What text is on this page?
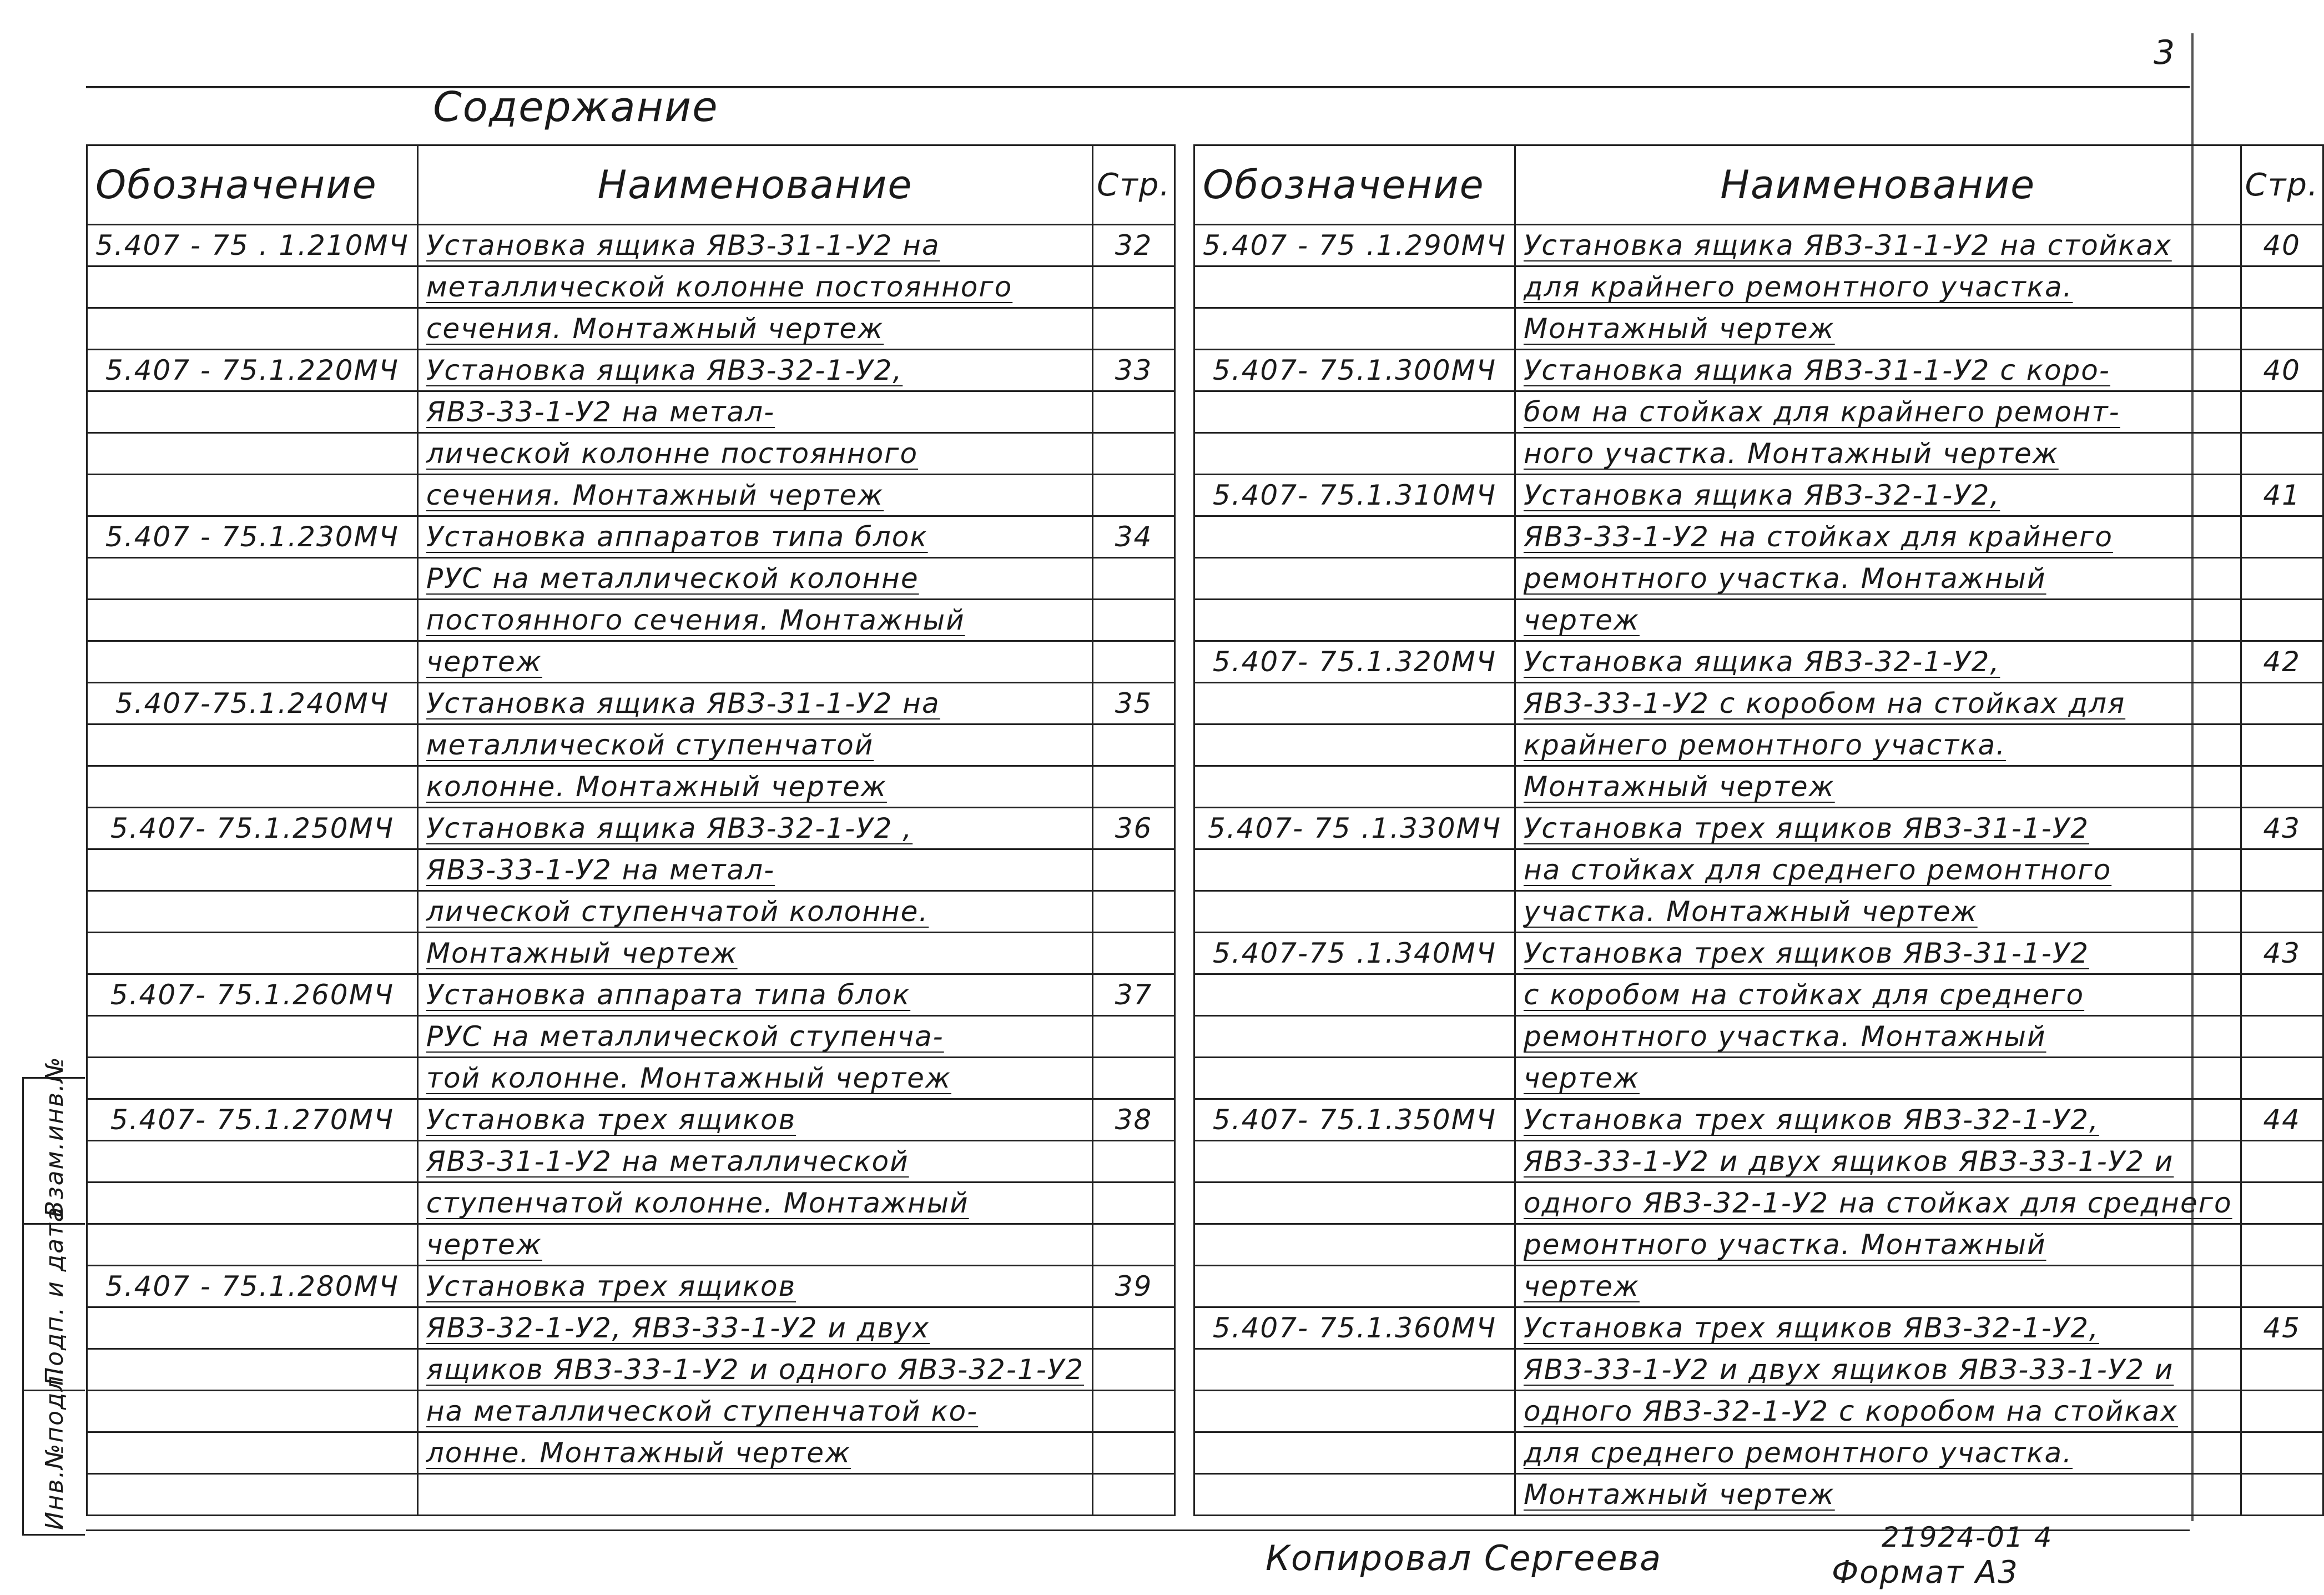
3
Содержание
Обозначение	Наименование	Стр.
5.407 - 75 . 1.210МЧ	Установка ящика ЯВЗ-31-1-У2 на	32
	металлической колонне постоянного	
	сечения. Монтажный чертеж	
5.407 - 75.1.220МЧ	Установка ящика ЯВЗ-32-1-У2,	33
	ЯВЗ-33-1-У2 на метал-	
	лической колонне постоянного	
	сечения. Монтажный чертеж	
5.407 - 75.1.230МЧ	Установка аппаратов типа блок	34
	РУС на металлической колонне	
	постоянного сечения. Монтажный	
	чертеж	
5.407-75.1.240МЧ	Установка ящика ЯВЗ-31-1-У2 на	35
	металлической ступенчатой	
	колонне. Монтажный чертеж	
5.407- 75.1.250МЧ	Установка ящика ЯВЗ-32-1-У2 ,	36
	ЯВЗ-33-1-У2 на метал-	
	лической ступенчатой колонне.	
	Монтажный чертеж	
5.407- 75.1.260МЧ	Установка аппарата типа блок	37
	РУС на металлической ступенча-	
	той колонне. Монтажный чертеж	
5.407- 75.1.270МЧ	Установка трех ящиков	38
	ЯВЗ-31-1-У2 на металлической	
	ступенчатой колонне. Монтажный	
	чертеж	
5.407 - 75.1.280МЧ	Установка трех ящиков	39
	ЯВЗ-32-1-У2, ЯВЗ-33-1-У2 и двух	
	ящиков ЯВЗ-33-1-У2 и одного ЯВЗ-32-1-У2	
	на металлической ступенчатой ко-	
	лонне. Монтажный чертеж	

Обозначение	Наименование	Стр.
5.407 - 75 .1.290МЧ	Установка ящика ЯВЗ-31-1-У2 на стойках	40
	для крайнего ремонтного участка.	
	Монтажный чертеж	
5.407- 75.1.300МЧ	Установка ящика ЯВЗ-31-1-У2 с коро-	40
	бом на стойках для крайнего ремонт-	
	ного участка. Монтажный чертеж	
5.407- 75.1.310МЧ	Установка ящика ЯВЗ-32-1-У2,	41
	ЯВЗ-33-1-У2 на стойках для крайнего	
	ремонтного участка. Монтажный	
	чертеж	
5.407- 75.1.320МЧ	Установка ящика ЯВЗ-32-1-У2,	42
	ЯВЗ-33-1-У2 с коробом на стойках для	
	крайнего ремонтного участка.	
	Монтажный чертеж	
5.407- 75 .1.330МЧ	Установка трех ящиков ЯВЗ-31-1-У2	43
	на стойках для среднего ремонтного	
	участка. Монтажный чертеж	
5.407-75 .1.340МЧ	Установка трех ящиков ЯВЗ-31-1-У2	43
	с коробом на стойках для среднего	
	ремонтного участка. Монтажный	
	чертеж	
5.407- 75.1.350МЧ	Установка трех ящиков ЯВЗ-32-1-У2,	44
	ЯВЗ-33-1-У2 и двух ящиков ЯВЗ-33-1-У2 и	
	одного ЯВЗ-32-1-У2 на стойках для среднего	
	ремонтного участка. Монтажный	
	чертеж	
5.407- 75.1.360МЧ	Установка трех ящиков ЯВЗ-32-1-У2,	45
	ЯВЗ-33-1-У2 и двух ящиков ЯВЗ-33-1-У2 и	
	одного ЯВЗ-32-1-У2 с коробом на стойках	
	для среднего ремонтного участка.	
	Монтажный чертеж	
Взам.инв.№
Подп. и дата
Инв.№подл.
Копировал Сергеева
21924-01 4
Формат А3
